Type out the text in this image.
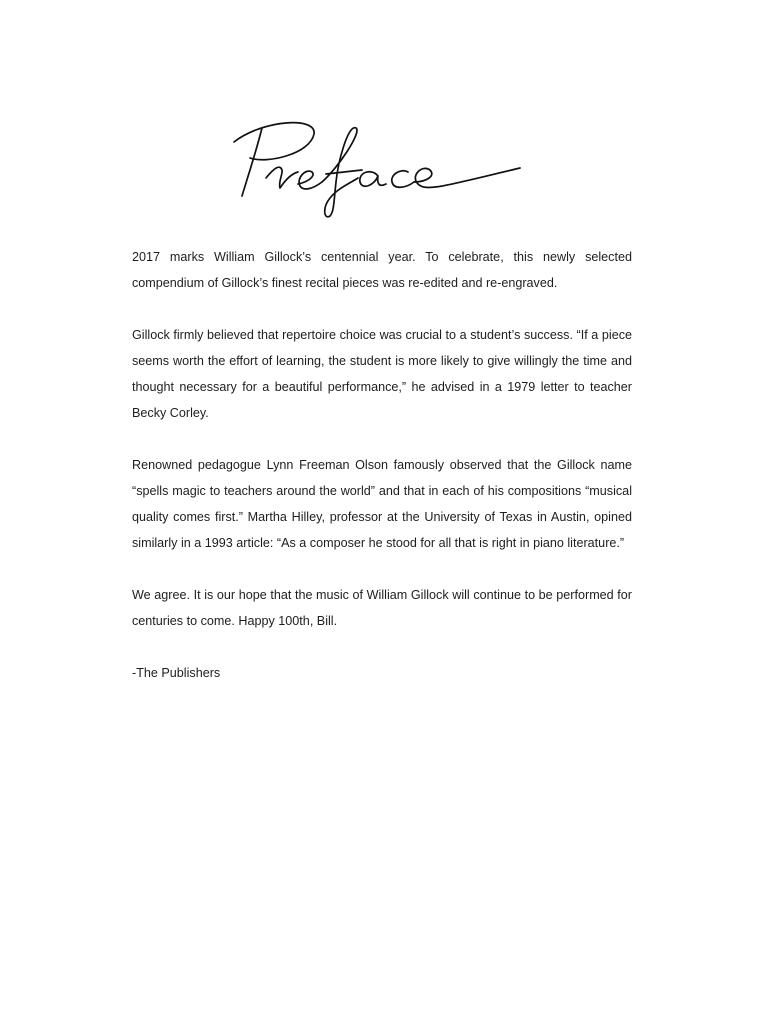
2017 marks William Gillock’s centennial year. To celebrate, this newly selected compendium of Gillock’s finest recital pieces was re-edited and re-engraved.

Gillock firmly believed that repertoire choice was crucial to a student’s success. “If a piece seems worth the effort of learning, the student is more likely to give willingly the time and thought necessary for a beautiful performance,” he advised in a 1979 letter to teacher Becky Corley.

Renowned pedagogue Lynn Freeman Olson famously observed that the Gillock name “spells magic to teachers around the world” and that in each of his compositions “musical quality comes first.” Martha Hilley, professor at the University of Texas in Austin, opined similarly in a 1993 article: “As a composer he stood for all that is right in piano literature.”

We agree. It is our hope that the music of William Gillock will continue to be performed for centuries to come. Happy 100th, Bill.

-The Publishers
